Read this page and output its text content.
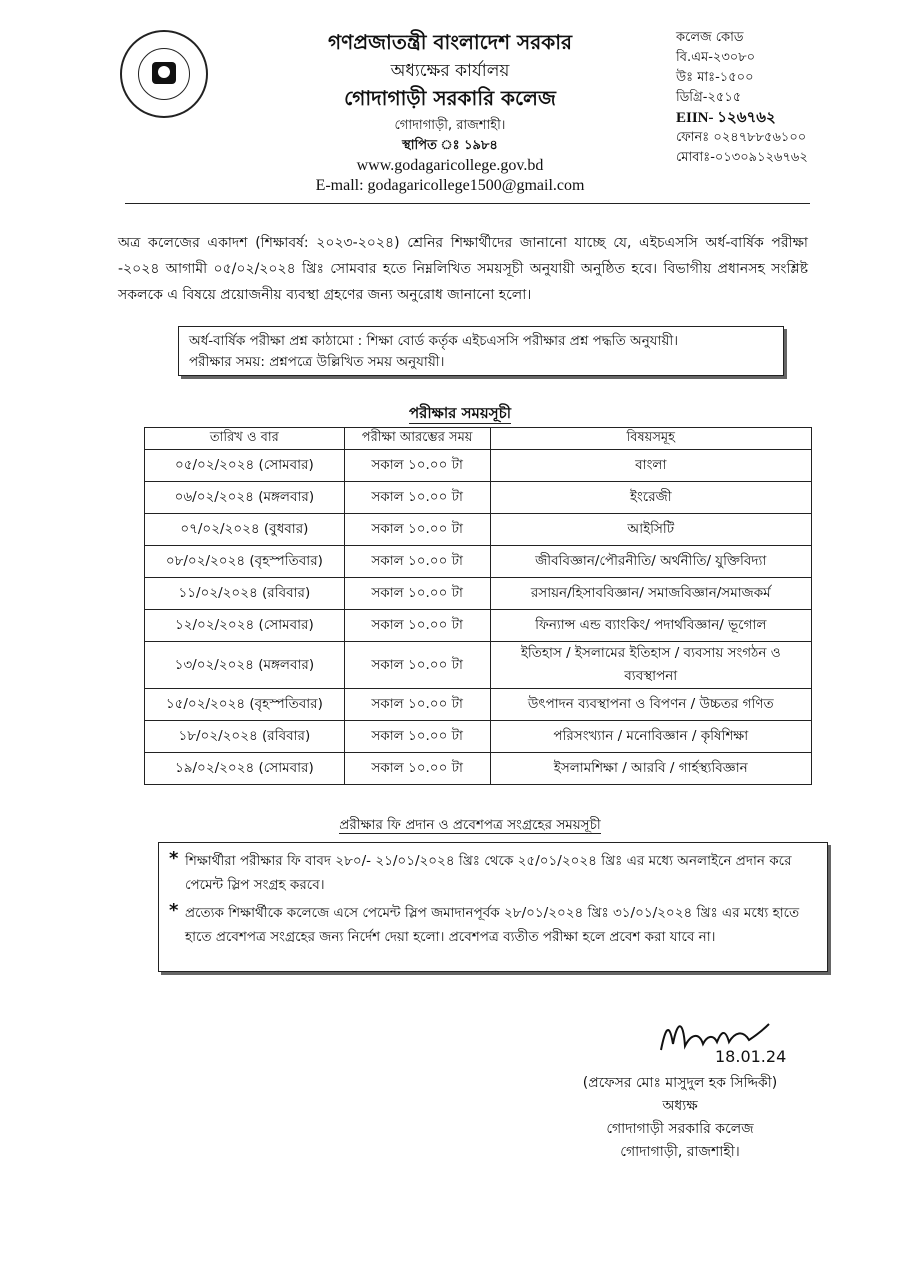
গণপ্রজাতন্ত্রী বাংলাদেশ সরকার
অধ্যক্ষের কার্যালয়
গোদাগাড়ী সরকারি কলেজ
গোদাগাড়ী, রাজশাহী।
স্থাপিত ঃ ১৯৮৪
www.godagaricollege.gov.bd
E-mall: godagaricollege1500@gmail.com
কলেজ কোড
বি.এম-২৩০৮০
উঃ মাঃ-১৫০০
ডিগ্রি-২৫১৫
EIIN- ১২৬৭৬২
ফোনঃ ০২৪৭৮৮৫৬১০০
মোবাঃ-০১৩০৯১২৬৭৬২
অত্র কলেজের একাদশ (শিক্ষাবর্ষ: ২০২৩-২০২৪) শ্রেনির শিক্ষার্থীদের জানানো যাচ্ছে যে, এইচএসসি অর্ধ-বার্ষিক পরীক্ষা -২০২৪ আগামী ০৫/০২/২০২৪ খ্রিঃ সোমবার হতে নিম্নলিখিত সময়সূচী অনুযায়ী অনুষ্ঠিত হবে। বিভাগীয় প্রধানসহ সংশ্লিষ্ট সকলকে এ বিষয়ে প্রয়োজনীয় ব্যবস্থা গ্রহণের জন্য অনুরোধ জানানো হলো।
অর্ধ-বার্ষিক পরীক্ষা প্রশ্ন কাঠামো : শিক্ষা বোর্ড কর্তৃক এইচএসসি পরীক্ষার প্রশ্ন পদ্ধতি অনুযায়ী।
পরীক্ষার সময়: প্রশ্নপত্রে উল্লিখিত সময় অনুযায়ী।
পরীক্ষার সময়সূচী
তারিখ ও বার	পরীক্ষা আরম্ভের সময়	বিষয়সমূহ
০৫/০২/২০২৪ (সোমবার)	সকাল ১০.০০ টা	বাংলা
০৬/০২/২০২৪ (মঙ্গলবার)	সকাল ১০.০০ টা	ইংরেজী
০৭/০২/২০২৪ (বুধবার)	সকাল ১০.০০ টা	আইসিটি
০৮/০২/২০২৪ (বৃহস্পতিবার)	সকাল ১০.০০ টা	জীববিজ্ঞান/পৌরনীতি/ অর্থনীতি/ যুক্তিবিদ্যা
১১/০২/২০২৪ (রবিবার)	সকাল ১০.০০ টা	রসায়ন/হিসাববিজ্ঞান/ সমাজবিজ্ঞান/সমাজকর্ম
১২/০২/২০২৪ (সোমবার)	সকাল ১০.০০ টা	ফিন্যান্স এন্ড ব্যাংকিং/ পদার্থবিজ্ঞান/ ভূগোল
১৩/০২/২০২৪ (মঙ্গলবার)	সকাল ১০.০০ টা	ইতিহাস / ইসলামের ইতিহাস / ব্যবসায় সংগঠন ও ব্যবস্থাপনা
১৫/০২/২০২৪ (বৃহস্পতিবার)	সকাল ১০.০০ টা	উৎপাদন ব্যবস্থাপনা ও বিপণন / উচ্চতর গণিত
১৮/০২/২০২৪ (রবিবার)	সকাল ১০.০০ টা	পরিসংখ্যান / মনোবিজ্ঞান / কৃষিশিক্ষা
১৯/০২/২০২৪ (সোমবার)	সকাল ১০.০০ টা	ইসলামশিক্ষা / আরবি / গার্হস্থ্যবিজ্ঞান
প্ররীক্ষার ফি প্রদান ও প্রবেশপত্র সংগ্রহের সময়সূচী
* শিক্ষার্থীরা পরীক্ষার ফি বাবদ ২৮০/- ২১/০১/২০২৪ খ্রিঃ থেকে ২৫/০১/২০২৪ খ্রিঃ এর মধ্যে অনলাইনে প্রদান করে পেমেন্ট স্লিপ সংগ্রহ করবে।
* প্রত্যেক শিক্ষার্থীকে কলেজে এসে পেমেন্ট স্লিপ জমাদানপূর্বক ২৮/০১/২০২৪ খ্রিঃ ৩১/০১/২০২৪ খ্রিঃ এর মধ্যে হাতে হাতে প্রবেশপত্র সংগ্রহের জন্য নির্দেশ দেয়া হলো। প্রবেশপত্র ব্যতীত পরীক্ষা হলে প্রবেশ করা যাবে না।
18.01.24
(প্রফেসর মোঃ মাসুদুল হক সিদ্দিকী)
অধ্যক্ষ
গোদাগাড়ী সরকারি কলেজ
গোদাগাড়ী, রাজশাহী।
